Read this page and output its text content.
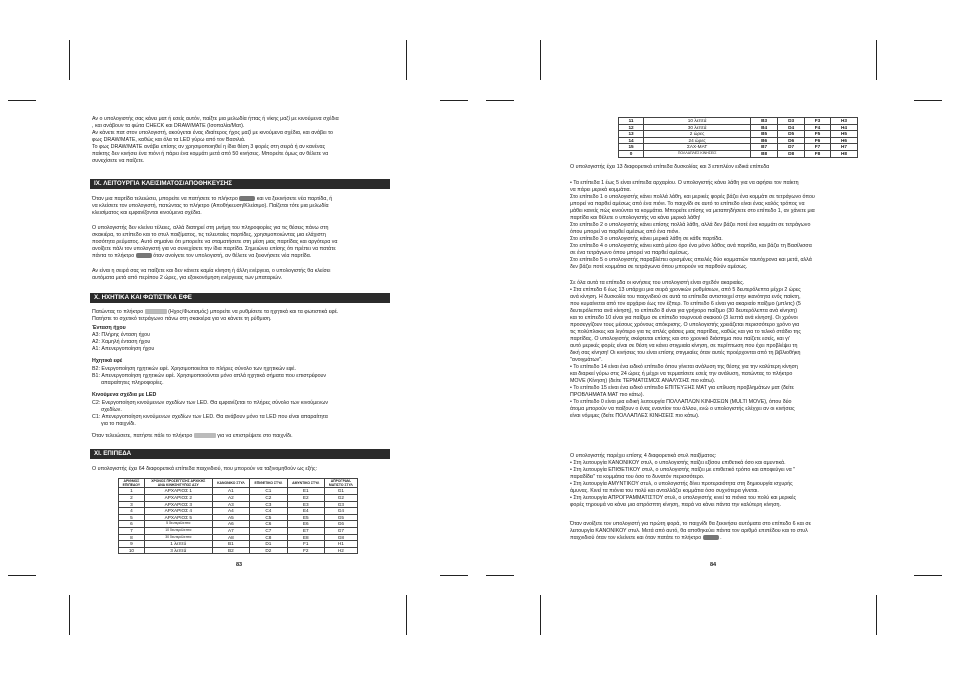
Αν ο υπολογιστής σας κάνει ματ ή εσείς αυτόν, παίξτε μια μελωδία ήττας ή νίκης μαζί με κινούμενα σχέδια
, και ανάβουν τα φώτα CHECK και DRAW/MATE (Ισοπαλία/Ματ).
Αν κάνετε πατ στον υπολογιστή, ακούγεται ένας ιδιαίτερος ήχος μαζί με κινούμενα σχέδια, και ανάβει το
φως DRAW/MATE, καθώς και όλα τα LED γύρω από τον Βασιλιά.
Το φως DRAW/MATE ανάβει επίσης αν χρησιμοποιηθεί η ίδια θέση 3 φορές στη σειρά ή αν κανένας
παίκτης δεν κινήσει ένα πιόνι ή πάρει ένα κομμάτι μετά από 50 κινήσεις. Μπορείτε όμως αν θέλετε να
συνεχίσετε να παίζετε.
IX. ΛΕΙΤΟΥΡΓΙΑ ΚΛΕΙΣΙΜΑΤΟΣ/ΑΠΟΘΗΚΕΥΣΗΣ
Όταν μια παρτίδα τελειώσει, μπορείτε να πατήσετε το πλήκτρο	και να ξεκινήσετε νέα παρτίδα, ή
να κλείσετε τον υπολογιστή, πατώντας το πλήκτρο (Αποθήκευση/Κλείσιμο). Παίζεται τότε μια μελωδία
κλεισίματος και εμφανίζονται κινούμενα σχέδια.
Ο υπολογιστής δεν κλείνει τέλειες, αλλά διατηρεί στη μνήμη του πληροφορίες για τις θέσεις πάνω στη
σκακιέρα, το επίπεδο και το στυλ παιξίματος, τις τελευταίες παρτίδες, χρησιμοποιώντας μια ελάχιστη
ποσότητα ρεύματος. Αυτό σημαίνει ότι μπορείτε να σταματήσετε στη μέση μιας παρτίδας και αργότερα να
ανοίξετε πάλι τον υπολογιστή για να συνεχίσετε την ίδια παρτίδα. Σημειώνει επίσης ότι πρέπει να πατάτε
πάντα το πλήκτρο	όταν ανοίγετε τον υπολογιστή, αν θέλετε να ξεκινήσετε νέα παρτίδα.
Αν είναι η σειρά σας να παίξετε και δεν κάνετε καμία κίνηση ή άλλη ενέργεια, ο υπολογιστής θα κλείσει
αυτόματα μετά από περίπου 2 ώρες, για εξοικονόμηση ενέργειας των μπαταριών.
X. ΗΧΗΤΙΚΑ ΚΑΙ ΦΩΤΙΣΤΙΚΑ ΕΦΕ
Πατώντας το πλήκτρο	(Ηχος/Φωτισμός) μπορείτε να ρυθμίσετε τα ηχητικά και τα φωτιστικά εφέ.
Πατήστε το σχετικό τετράγωνο πάνω στη σκακιέρα για να κάνετε τη ρύθμιση.
Ένταση ήχου
A3: Πλήρης ένταση ήχου
A2: Χαμηλή ένταση ήχου
A1: Απενεργοποίηση ήχου
Ηχητικά εφέ
B2: Ενεργοποίηση ηχητικών εφέ. Χρησιμοποιείται το πλήρες σύνολο των ηχητικών εφέ.
B1: Απενεργοποίηση ηχητικών εφέ. Χρησιμοποιούνται μόνο απλά ηχητικά σήματα που επιστρέφουν
απαραίτητες πληροφορίες.
Κινούμενα σχέδια με LED
C2: Ενεργοποίηση κινούμενων σχεδίων των LED. Θα εμφανίζεται το πλήρες σύνολο των κινούμενων
σχεδίων.
C1: Απενεργοποίηση κινούμενων σχεδίων των LED. Θα ανάβουν μόνο τα LED που είναι απαραίτητα
για το παιχνίδι.
Όταν τελειώσετε, πατήστε πάλι το πλήκτρο	για να επιστρέψετε στο παιχνίδι.
XI. ΕΠΙΠΕΔΑ
Ο υπολογιστής έχει 64 διαφορετικά επίπεδα παιχνιδιού, που μπορούν να ταξινομηθούν ως εξής:
ΑΡΙΘΜΟΣ
ΕΠΙΠΕΔΟΥ	ΧΡΟΝΟΣ ΠΡΟΣΕΓΓΙΣΗΣ ΑΡΧΙΚΗΣ
ΑΝΑ ΚΙΝΗΣΗ/ΤΥΠΟΣ ΑΣΥ	ΚΑΝΟΝΙΚΟ ΣΤΥΛ	ΕΠΙΘΕΤΙΚΟ ΣΤΥΛ	ΑΜΥΝΤΙΚΟ ΣΤΥΛ	ΑΠΡΟΓΡΑΜ-
ΜΑΤΙΣΤΟ ΣΤΥΛ
1	ΑΡΧΑΡΙΟΣ 1	A1	C1	E1	G1
2	ΑΡΧΑΡΙΟΣ 2	A2	C2	E2	G2
3	ΑΡΧΑΡΙΟΣ 3	A3	C3	E3	G3
4	ΑΡΧΑΡΙΟΣ 4	A4	C4	E4	G4
5	ΑΡΧΑΡΙΟΣ 5	A5	C5	E5	G5
6	5 δευτερόλεπτα	A6	C6	E6	G6
7	10 δευτερόλεπτα	A7	C7	E7	G7
8	30 δευτερόλεπτα	A8	C8	E8	G8
9	1 λεπτό	B1	D1	F1	H1
10	3 λεπτά	B2	D2	F2	H2
83
11	10 λεπτά	B3	D3	F3	H3
12	30 λεπτά	B4	D4	F4	H4
13	2 ώρες	B5	D5	F5	H5
14	24 ώρες	B6	D6	F6	H6
15	ΣΑΧ-ΜΑΤ	B7	D7	F7	H7
0	ΠΟΛΛΑΠΛΕΣ ΚΙΝΗΣΕΙΣ	B8	D8	F8	H8
Ο υπολογιστής έχει 13 διαφορετικά επίπεδα δυσκολίας και 3 επιπλέον ειδικά επίπεδα
• Τα επίπεδα 1 έως 5 είναι επίπεδα αρχαρίου. Ο υπολογιστής κάνει λάθη για να αφήσει τον παίκτη
να πάρει μερικά κομμάτια.
Στο επίπεδο 1 ο υπολογιστής κάνει πολλά λάθη, και μερικές φορές βάζει ένα κομμάτι σε τετράγωνο όπου
μπορεί να παρθεί αμέσως από ένα πιόνι. Το παιχνίδι σε αυτό το επίπεδο είναι ένας καλός τρόπος να
μάθει κανείς πώς κινούνται τα κομμάτια. Μπορείτε επίσης να μεταπηδήσετε στο επίπεδο 1, αν χάνετε μια
παρτίδα και θέλετε ο υπολογιστής να κάνει μερικά λάθη!
Στο επίπεδο 2 ο υπολογιστής κάνει επίσης πολλά λάθη, αλλά δεν βάζει ποτέ ένα κομμάτι σε τετράγωνο
όπου μπορεί να παρθεί αμέσως από ένα πιόνι.
Στο επίπεδο 3 ο υπολογιστής κάνει μερικά λάθη σε κάθε παρτίδα.
Στο επίπεδο 4 ο υπολογιστής κάνει κατά μέσο όρο ένα μόνο λάθος ανά παρτίδα, και βάζει τη Βασίλισσα
σε ένα τετράγωνο όπου μπορεί να παρθεί αμέσως.
Στο επίπεδο 5 ο υπολογιστής παραβλέπει ορισμένες απειλές δύο κομματιών ταυτόχρονα και μετά, αλλά
δεν βάζει ποτέ κομμάτια σε τετράγωνα όπου μπορούν να παρθούν αμέσως.
Σε όλα αυτά τα επίπεδα οι κινήσεις του υπολογιστή είναι σχεδόν ακαριαίες.
• Στα επίπεδα 6 έως 13 υπάρχει μια σειρά χρονικών ρυθμίσεων, από 5 δευτερόλεπτα μέχρι 2 ώρες
ανά κίνηση. Η δυσκολία του παιχνιδιού σε αυτά τα επίπεδα αντιστοιχεί στην ικανότητα ενός παίκτη,
που κυμαίνεται από τον αρχάριο έως τον έξπερ. Το επίπεδο 6 είναι για ακαριαίο παίξιμο (μπλιτς) (5
δευτερόλεπτα ανά κίνηση), το επίπεδο 8 είναι για γρήγορο παίξιμο (30 δευτερόλεπτα ανά κίνηση)
και το επίπεδο 10 είναι για παίξιμο σε επίπεδο τουρνουά σκακιού (3 λεπτά ανά κίνηση). Οι χρόνοι
προσεγγίζουν τους μέσους χρόνους απόκρισης. Ο υπολογιστής χρειάζεται περισσότερο χρόνο για
τις πολύπλοκες και λιγότερο για τις απλές φάσεις μιας παρτίδας, καθώς και για το τελικό στάδιο της
παρτίδας. Ο υπολογιστής σκέφτεται επίσης και στο χρονικό διάστημα που παίζετε εσείς, και γι'
αυτό μερικές φορές είναι σε θέση να κάνει στιγμιαία κίνηση, σε περίπτωση που έχει προβλέψει τη
δική σας κίνηση! Οι κινήσεις του είναι επίσης στιγμιαίες όταν αυτές προέρχονται από τη βιβλιοθήκη
"ανοιγμάτων".
• Το επίπεδο 14 είναι ένα ειδικό επίπεδο όπου γίνεται ανάλυση της θέσης για την καλύτερη κίνηση
και διαρκεί γύρω στις 24 ώρες ή μέχρι να τερματίσετε εσείς την ανάλυση, πατώντας το πλήκτρο
MOVE (Κίνηση) (δείτε ΤΕΡΜΑΤΙΣΜΟΣ ΑΝΑΛΥΣΗΣ πιο κάτω).
• Το επίπεδο 15 είναι ένα ειδικό επίπεδο ΕΠΙΤΕΥΞΗΣ ΜΑΤ για επίλυση προβλημάτων ματ (δείτε
ΠΡΟΒΛΗΜΑΤΑ ΜΑΤ πιο κάτω).
• Το επίπεδο 0 είναι μια ειδική λειτουργία ΠΟΛΛΑΠΛΩΝ ΚΙΝΗΣΕΩΝ (MULTI MOVE), όπου δύο
άτομα μπορούν να παίξουν ο ένας εναντίον του άλλου, ενώ ο υπολογιστής ελέγχει αν οι κινήσεις
είναι νόμιμες (δείτε ΠΟΛΛΑΠΛΕΣ ΚΙΝΗΣΕΙΣ πιο κάτω).
Ο υπολογιστής παρέχει επίσης 4 διαφορετικά στυλ παιξίματος:
• Στη λειτουργία ΚΑΝΟΝΙΚΟΥ στυλ, ο υπολογιστής παίζει εξίσου επιθετικά όσο και αμυντικά.
• Στη λειτουργία ΕΠΙΘΕΤΙΚΟΥ στυλ, ο υπολογιστής παίζει με επιθετικό τρόπο και αποφεύγει να "
παραδίδει" τα κομμάτια του όσο το δυνατόν περισσότερο.
• Στη λειτουργία ΑΜΥΝΤΙΚΟΥ στυλ, ο υπολογιστής δίνει προτεραιότητα στη δημιουργία ισχυρής
άμυνας. Κινεί τα πιόνια του πολύ και ανταλλάζει κομμάτια όσο συχνότερα γίνεται.
• Στη λειτουργία ΑΠΡΟΓΡΑΜΜΑΤΙΣΤΟΥ στυλ, ο υπολογιστής κινεί τα πιόνια του πολύ και μερικές
φορές τηρουμά να κάνει μια απρόσπτη κίνηση, παρά να κάνει πάντα την καλύτερη κίνηση.
Όταν ανοίξετε τον υπολογιστή για πρώτη φορά, το παιχνίδι θα ξεκινήσει αυτόματα στο επίπεδο 6 και σε
λειτουργία ΚΑΝΟΝΙΚΟΥ στυλ. Μετά από αυτό, θα αποθηκεύει πάντα τον αριθμό επιπέδου και το στυλ
παιχνιδιού όταν τον κλείνετε και όταν πατάτε το πλήκτρο	.
84
